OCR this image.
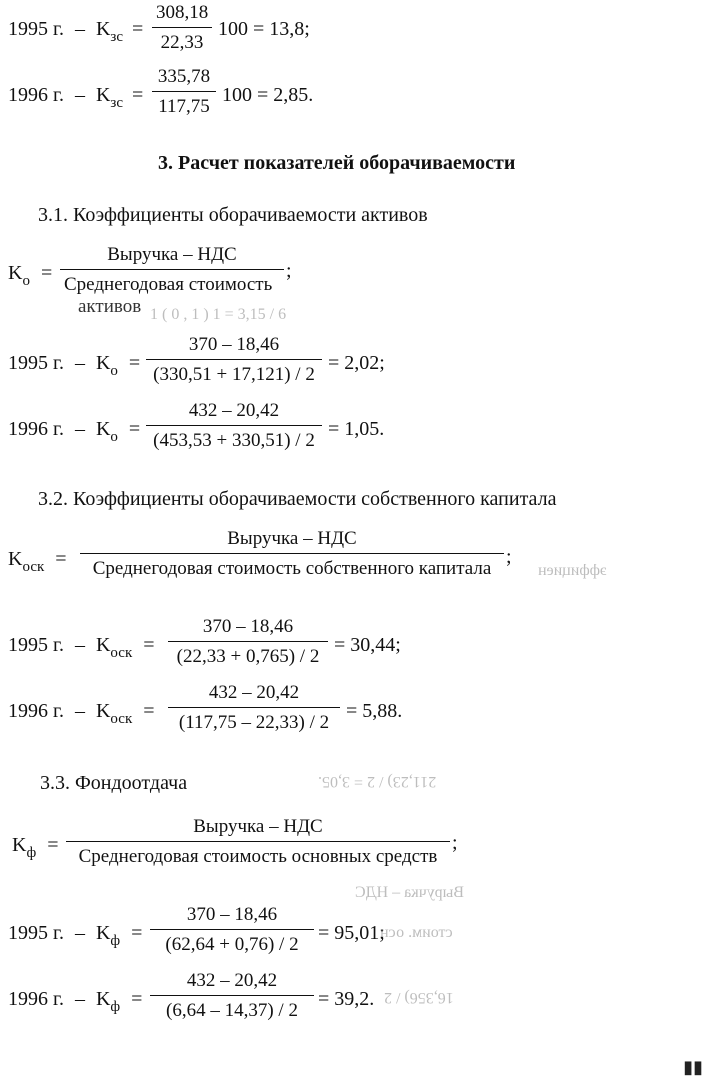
1995 г. – $K_{зс}$ =
308,18
22,33
100 = 13,8;
1996 г. – $K_{зс}$ =
335,78
117,75
100 = 2,85.
3. Расчет показателей оборачиваемости
3.1. Коэффициенты оборачиваемости активов
$K_о$ =
Выручка – НДС
Среднегодовая стоимость активов
;
1 ( 0 , 1 ) 1 = 3,15 / 6
1995 г. – $K_о$ =
370 – 18,46
(330,51 + 17,121) / 2
= 2,02;
1996 г. – $K_о$ =
432 – 20,42
(453,53 + 330,51) / 2
= 1,05.
3.2. Коэффициенты оборачиваемости собственного капитала
$K_{оск}$ =
Выручка – НДС
Среднегодовая стоимость собственного капитала
;
эффициен
1995 г. – $K_{оск}$ =
370 – 18,46
(22,33 + 0,765) / 2
= 30,44;
1996 г. – $K_{оск}$ =
432 – 20,42
(117,75 – 22,33) / 2
= 5,88.
3.3. Фондоотдача	211,23) / 2 = 3,05.
$K_ф$ =
Выручка – НДС
Среднегодовая стоимость основных средств
;
Выручка – НДС
1995 г. – $K_ф$ =
370 – 18,46
(62,64 + 0,76) / 2
= 95,01;
стоим. осн
1996 г. – $K_ф$ =
432 – 20,42
(6,64 – 14,37) / 2
= 39,2. 16,356) / 2
▮▮
